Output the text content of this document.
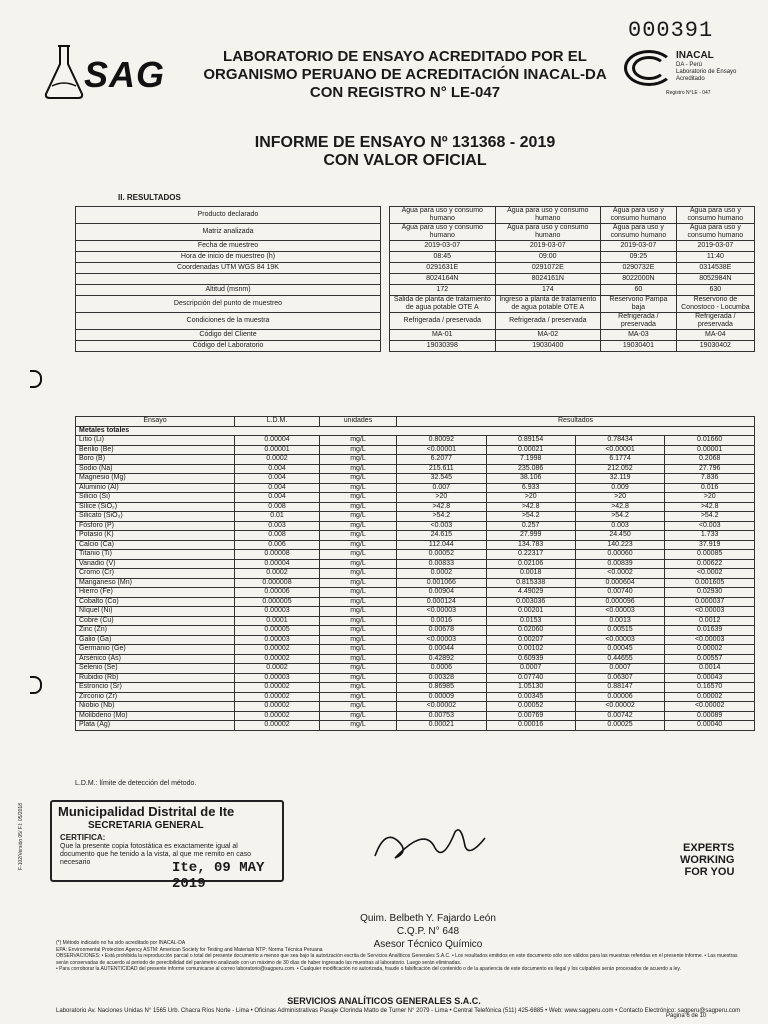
000391
SAG	LABORATORIO DE ENSAYO ACREDITADO POR EL
ORGANISMO PERUANO DE ACREDITACIÓN INACAL-DA
CON REGISTRO N° LE-047
INACAL
DA - Perú
Laboratorio de Ensayo
Acreditado
Registro N°LE - 047
INFORME DE ENSAYO Nº 131368 - 2019
CON VALOR OFICIAL
II. RESULTADOS
Producto declarado		Agua para uso y consumo humano	Agua para uso y consumo humano	Agua para uso y consumo humano	Agua para uso y consumo humano
Matriz analizada		Agua para uso y consumo humano	Agua para uso y consumo humano	Agua para uso y consumo humano	Agua para uso y consumo humano
Fecha de muestreo		2019-03-07	2019-03-07	2019-03-07	2019-03-07
Hora de inicio de muestreo (h)		08:45	09:00	09:25	11:40
Coordenadas UTM WGS 84 19K		0291631E	0291072E	0290732E	0314538E
		8024164N	8024161N	8022000N	8052984N
Altitud (msnm)		172	174	60	630
Descripción del punto de muestreo		Salida de planta de tratamiento de agua potable OTE A	Ingreso a planta de tratamiento de agua potable OTE A	Reservorio Pampa baja	Reservorio de Conostoco - Locumba
Condiciones de la muestra		Refrigerada / preservada	Refrigerada / preservada	Refrigerada / preservada	Refrigerada / preservada
Código del Cliente		MA-01	MA-02	MA-03	MA-04
Código del Laboratorio		19030398	19030400	19030401	19030402
Ensayo	L.D.M.	unidades	Resultados			
Metales totales						
Litio (Li)	0.00004	mg/L	0.80092	0.89154	0.78434	0.01660
Berilio (Be)	0.00001	mg/L	<0.00001	0.00021	<0.00001	0.00001
Boro (B)	0.0002	mg/L	6.2077	7.1998	6.1774	0.2068
Sodio (Na)	0.004	mg/L	215.611	235.086	212.052	27.796
Magnesio (Mg)	0.004	mg/L	32.545	38.106	32.119	7.836
Aluminio (Al)	0.004	mg/L	0.007	6.933	0.009	0.016
Silicio (Si)	0.004	mg/L	>20	>20	>20	>20
Sílice (SiO₂)	0.008	mg/L	>42.8	>42.8	>42.8	>42.8
Silicato (SiO₃)	0.01	mg/L	>54.2	>54.2	>54.2	>54.2
Fósforo (P)	0.003	mg/L	<0.003	0.257	0.003	<0.003
Potasio (K)	0.008	mg/L	24.615	27.999	24.450	1.733
Calcio (Ca)	0.006	mg/L	112.044	134.783	140.223	37.919
Titanio (Ti)	0.00008	mg/L	0.00052	0.22317	0.00060	0.00085
Vanadio (V)	0.00004	mg/L	0.00833	0.02106	0.00839	0.00622
Cromo (Cr)	0.0002	mg/L	0.0002	0.0018	<0.0002	<0.0002
Manganeso (Mn)	0.000008	mg/L	0.001066	0.815338	0.000604	0.001605
Hierro (Fe)	0.00006	mg/L	0.00904	4.49029	0.00740	0.02930
Cobalto (Co)	0.000005	mg/L	0.000124	0.003036	0.000096	0.000037
Níquel (Ni)	0.00003	mg/L	<0.00003	0.00201	<0.00003	<0.00003
Cobre (Cu)	0.0001	mg/L	0.0016	0.0153	0.0013	0.0012
Zinc (Zn)	0.00005	mg/L	0.00678	0.02060	0.00515	0.01639
Galio (Ga)	0.00003	mg/L	<0.00003	0.00207	<0.00003	<0.00003
Germanio (Ge)	0.00002	mg/L	0.00044	0.00102	0.00045	0.00002
Arsénico (As)	0.00002	mg/L	0.42892	0.60939	0.44655	0.00557
Selenio (Se)	0.0002	mg/L	0.0006	0.0007	0.0007	0.0014
Rubidio (Rb)	0.00003	mg/L	0.00328	0.07740	0.06307	0.00043
Estroncio (Sr)	0.00002	mg/L	0.86985	1.05130	0.88147	0.16570
Zirconio (Zr)	0.00002	mg/L	0.00009	0.00345	0.00006	0.00002
Niobio (Nb)	0.00002	mg/L	<0.00002	0.00052	<0.00002	<0.00002
Molibdeno (Mo)	0.00002	mg/L	0.00753	0.00769	0.00742	0.00089
Plata (Ag)	0.00002	mg/L	0.00021	0.00016	0.00025	0.00040
L.D.M.: límite de detección del método.
Municipalidad Distrital de Ite
SECRETARIA GENERAL
CERTIFICA:
Que la presente copia fotostática es exactamente igual al documento que he tenido a la vista, al que me remito en caso necesario	Ite, 09 MAY 2019
Quim. Belbeth Y. Fajardo León
C.Q.P. N° 648
Asesor Técnico Químico
EXPERTS
WORKING
FOR YOU
(*) Método indicado no ha sido acreditado por INACAL-DA
EPA: Environmental Protection Agency ASTM: American Society for Testing and Materials NTP: Norma Técnica Peruana
OBSERVACIONES: • Está prohibida la reproducción parcial o total del presente documento a menos que sea bajo la autorización escrita de Servicios Analíticos Generales S.A.C. • Los resultados emitidos en este documento sólo son válidos para las muestras referidas en el presente informe. • Las muestras serán conservadas de acuerdo al periodo de perecibilidad del parámetro analizado con un máximo de 30 días de haber ingresado las muestras al laboratorio. Luego serán eliminadas.
• Para corroborar la AUTENTICIDAD del presente informe comunicarse al correo laboratorio@sagperu.com. • Cualquier modificación no autorizada, fraude o falsificación del contenido o de la apariencia de este documento es ilegal y los culpables serán procesados de acuerdo a ley.
SERVICIOS ANALÍTICOS GENERALES S.A.C.
Laboratorio Av. Naciones Unidas N° 1565 Urb. Chacra Ríos Norte - Lima • Oficinas Administrativas Pasaje Clorinda Matto de Turner N° 2079 - Lima • Central Telefónica (511) 425-6885 • Web: www.sagperu.com • Contacto Electrónico: sagperu@sagperu.com
Página 6 de 10
F-102/Versión 05/ F.I: 05/2018
